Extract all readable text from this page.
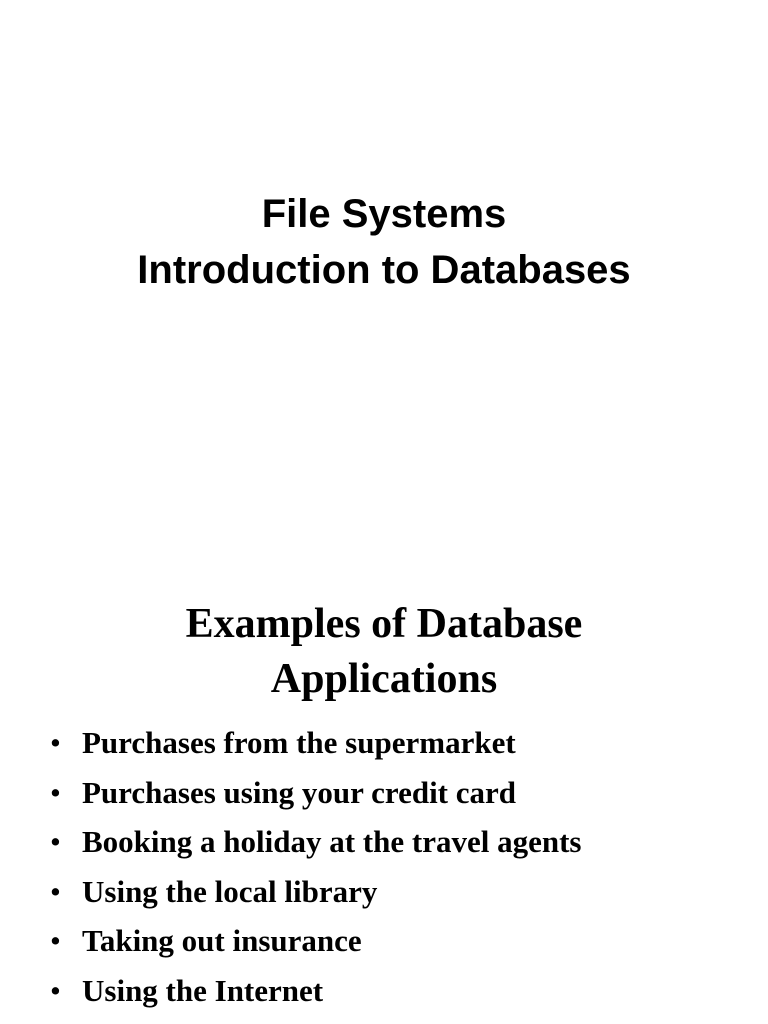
File Systems
Introduction to Databases
Examples of Database
Applications
• Purchases from the supermarket
• Purchases using your credit card
• Booking a holiday at the travel agents
• Using the local library
• Taking out insurance
• Using the Internet
